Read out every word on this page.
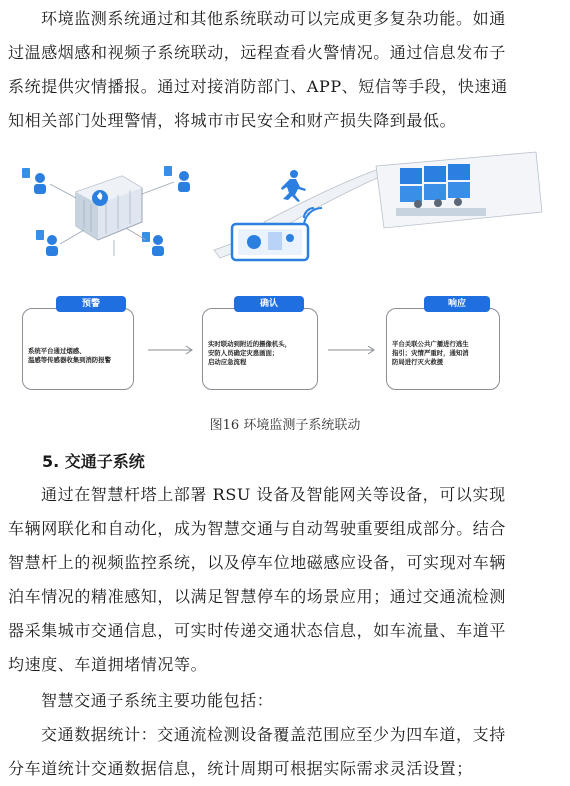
环境监测系统通过和其他系统联动可以完成更多复杂功能。如通
过温感烟感和视频子系统联动，远程查看火警情况。通过信息发布子
系统提供灾情播报。通过对接消防部门、APP、短信等手段，快速通
知相关部门处理警情，将城市市民安全和财产损失降到最低。

预警
系统平台通过烟感、
温感等传感器收集到消防报警
确认
实时联动到附近的摄像机头，
安防人员确定灾患画面；
启动应急流程
响应
平台关联公共广播进行逃生
指引；灾情严重时，通知消
防局进行灭火救援
图16 环境监测子系统联动
5. 交通子系统

通过在智慧杆塔上部署 RSU 设备及智能网关等设备，可以实现
车辆网联化和自动化，成为智慧交通与自动驾驶重要组成部分。结合
智慧杆上的视频监控系统，以及停车位地磁感应设备，可实现对车辆
泊车情况的精准感知，以满足智慧停车的场景应用；通过交通流检测
器采集城市交通信息，可实时传递交通状态信息，如车流量、车道平
均速度、车道拥堵情况等。

智慧交通子系统主要功能包括：

交通数据统计：交通流检测设备覆盖范围应至少为四车道，支持
分车道统计交通数据信息，统计周期可根据实际需求灵活设置；
